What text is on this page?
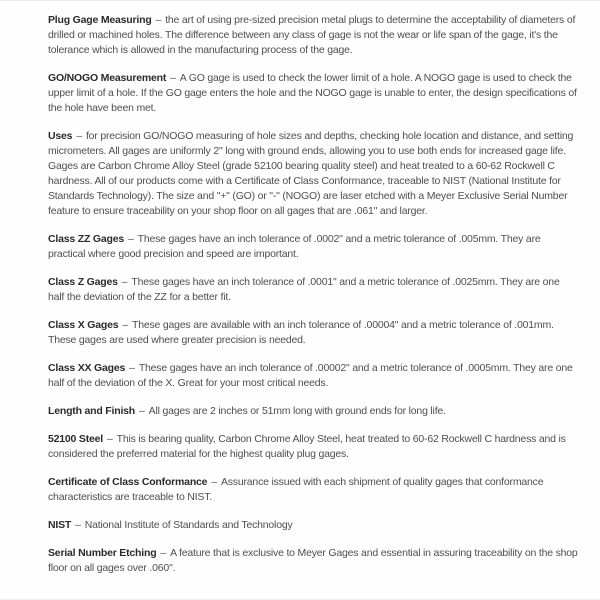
Plug Gage Measuring – the art of using pre-sized precision metal plugs to determine the acceptability of diameters of drilled or machined holes. The difference between any class of gage is not the wear or life span of the gage, it's the tolerance which is allowed in the manufacturing process of the gage.

GO/NOGO Measurement – A GO gage is used to check the lower limit of a hole. A NOGO gage is used to check the upper limit of a hole. If the GO gage enters the hole and the NOGO gage is unable to enter, the design specifications of the hole have been met.

Uses – for precision GO/NOGO measuring of hole sizes and depths, checking hole location and distance, and setting micrometers. All gages are uniformly 2" long with ground ends, allowing you to use both ends for increased gage life. Gages are Carbon Chrome Alloy Steel (grade 52100 bearing quality steel) and heat treated to a 60-62 Rockwell C hardness. All of our products come with a Certificate of Class Conformance, traceable to NIST (National Institute for Standards Technology). The size and "+" (GO) or "-" (NOGO) are laser etched with a Meyer Exclusive Serial Number feature to ensure traceability on your shop floor on all gages that are .061" and larger.

Class ZZ Gages – These gages have an inch tolerance of .0002" and a metric tolerance of .005mm. They are practical where good precision and speed are important.

Class Z Gages – These gages have an inch tolerance of .0001" and a metric tolerance of .0025mm. They are one half the deviation of the ZZ for a better fit.

Class X Gages – These gages are available with an inch tolerance of .00004" and a metric tolerance of .001mm. These gages are used where greater precision is needed.

Class XX Gages – These gages have an inch tolerance of .00002" and a metric tolerance of .0005mm. They are one half of the deviation of the X. Great for your most critical needs.

Length and Finish – All gages are 2 inches or 51mm long with ground ends for long life.

52100 Steel – This is bearing quality, Carbon Chrome Alloy Steel, heat treated to 60-62 Rockwell C hardness and is considered the preferred material for the highest quality plug gages.

Certificate of Class Conformance – Assurance issued with each shipment of quality gages that conformance characteristics are traceable to NIST.

NIST – National Institute of Standards and Technology

Serial Number Etching – A feature that is exclusive to Meyer Gages and essential in assuring traceability on the shop floor on all gages over .060".
